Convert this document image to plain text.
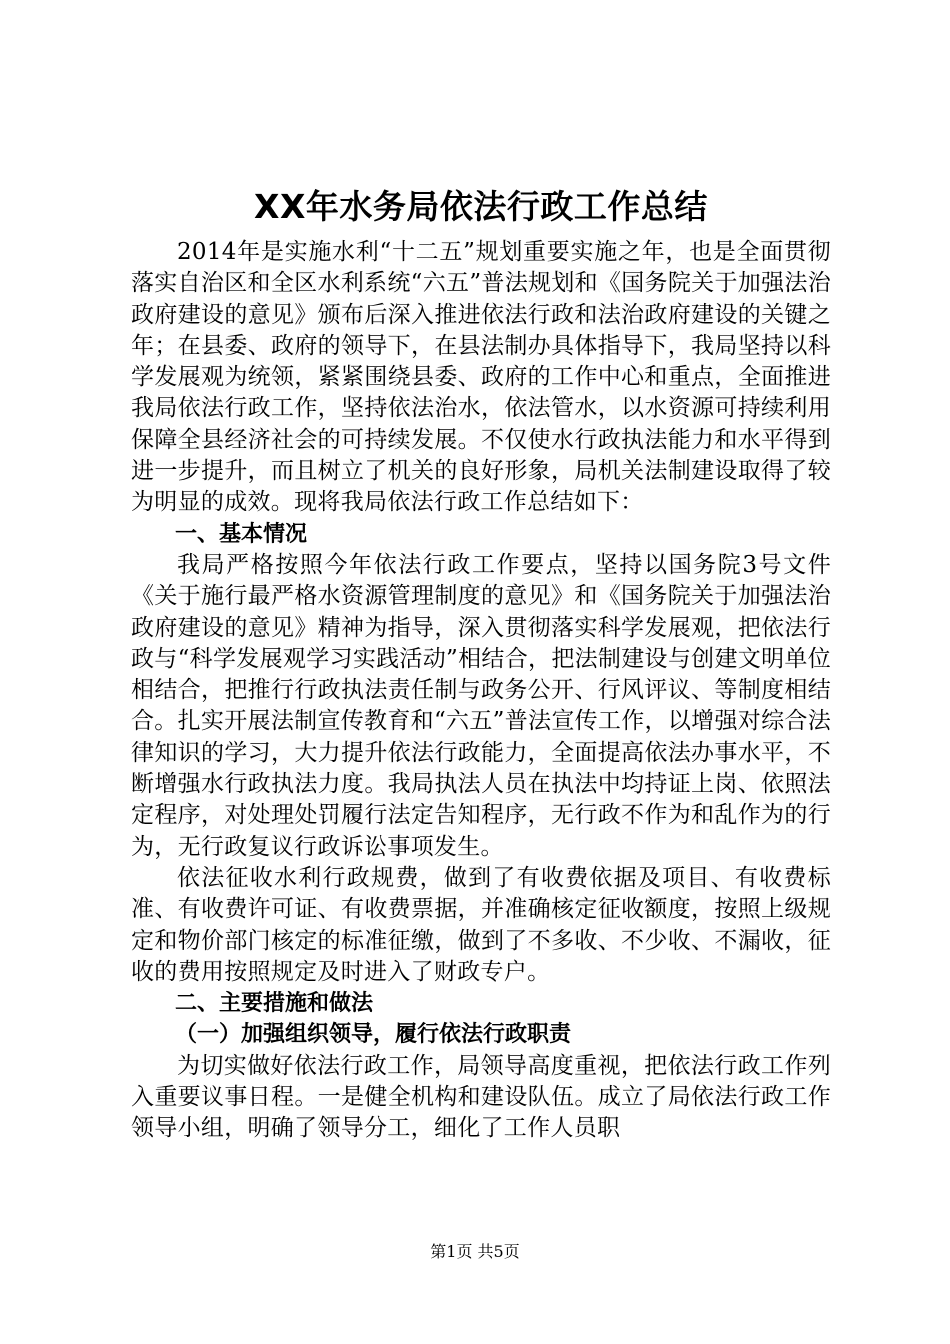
XX年水务局依法行政工作总结

2014年是实施水利“十二五”规划重要实施之年，也是全面贯彻落实自治区和全区水利系统“六五”普法规划和《国务院关于加强法治政府建设的意见》颁布后深入推进依法行政和法治政府建设的关键之年；在县委、政府的领导下，在县法制办具体指导下，我局坚持以科学发展观为统领，紧紧围绕县委、政府的工作中心和重点，全面推进我局依法行政工作，坚持依法治水，依法管水，以水资源可持续利用保障全县经济社会的可持续发展。不仅使水行政执法能力和水平得到进一步提升，而且树立了机关的良好形象，局机关法制建设取得了较为明显的成效。现将我局依法行政工作总结如下：

一、基本情况

我局严格按照今年依法行政工作要点，坚持以国务院3号文件《关于施行最严格水资源管理制度的意见》和《国务院关于加强法治政府建设的意见》精神为指导，深入贯彻落实科学发展观，把依法行政与“科学发展观学习实践活动”相结合，把法制建设与创建文明单位相结合，把推行行政执法责任制与政务公开、行风评议、等制度相结合。扎实开展法制宣传教育和“六五”普法宣传工作，以增强对综合法律知识的学习，大力提升依法行政能力，全面提高依法办事水平，不断增强水行政执法力度。我局执法人员在执法中均持证上岗、依照法定程序，对处理处罚履行法定告知程序，无行政不作为和乱作为的行为，无行政复议行政诉讼事项发生。

依法征收水利行政规费，做到了有收费依据及项目、有收费标准、有收费许可证、有收费票据，并准确核定征收额度，按照上级规定和物价部门核定的标准征缴，做到了不多收、不少收、不漏收，征收的费用按照规定及时进入了财政专户。

二、主要措施和做法

（一）加强组织领导，履行依法行政职责

为切实做好依法行政工作，局领导高度重视，把依法行政工作列入重要议事日程。一是健全机构和建设队伍。成立了局依法行政工作领导小组，明确了领导分工，细化了工作人员职

第1页 共5页
